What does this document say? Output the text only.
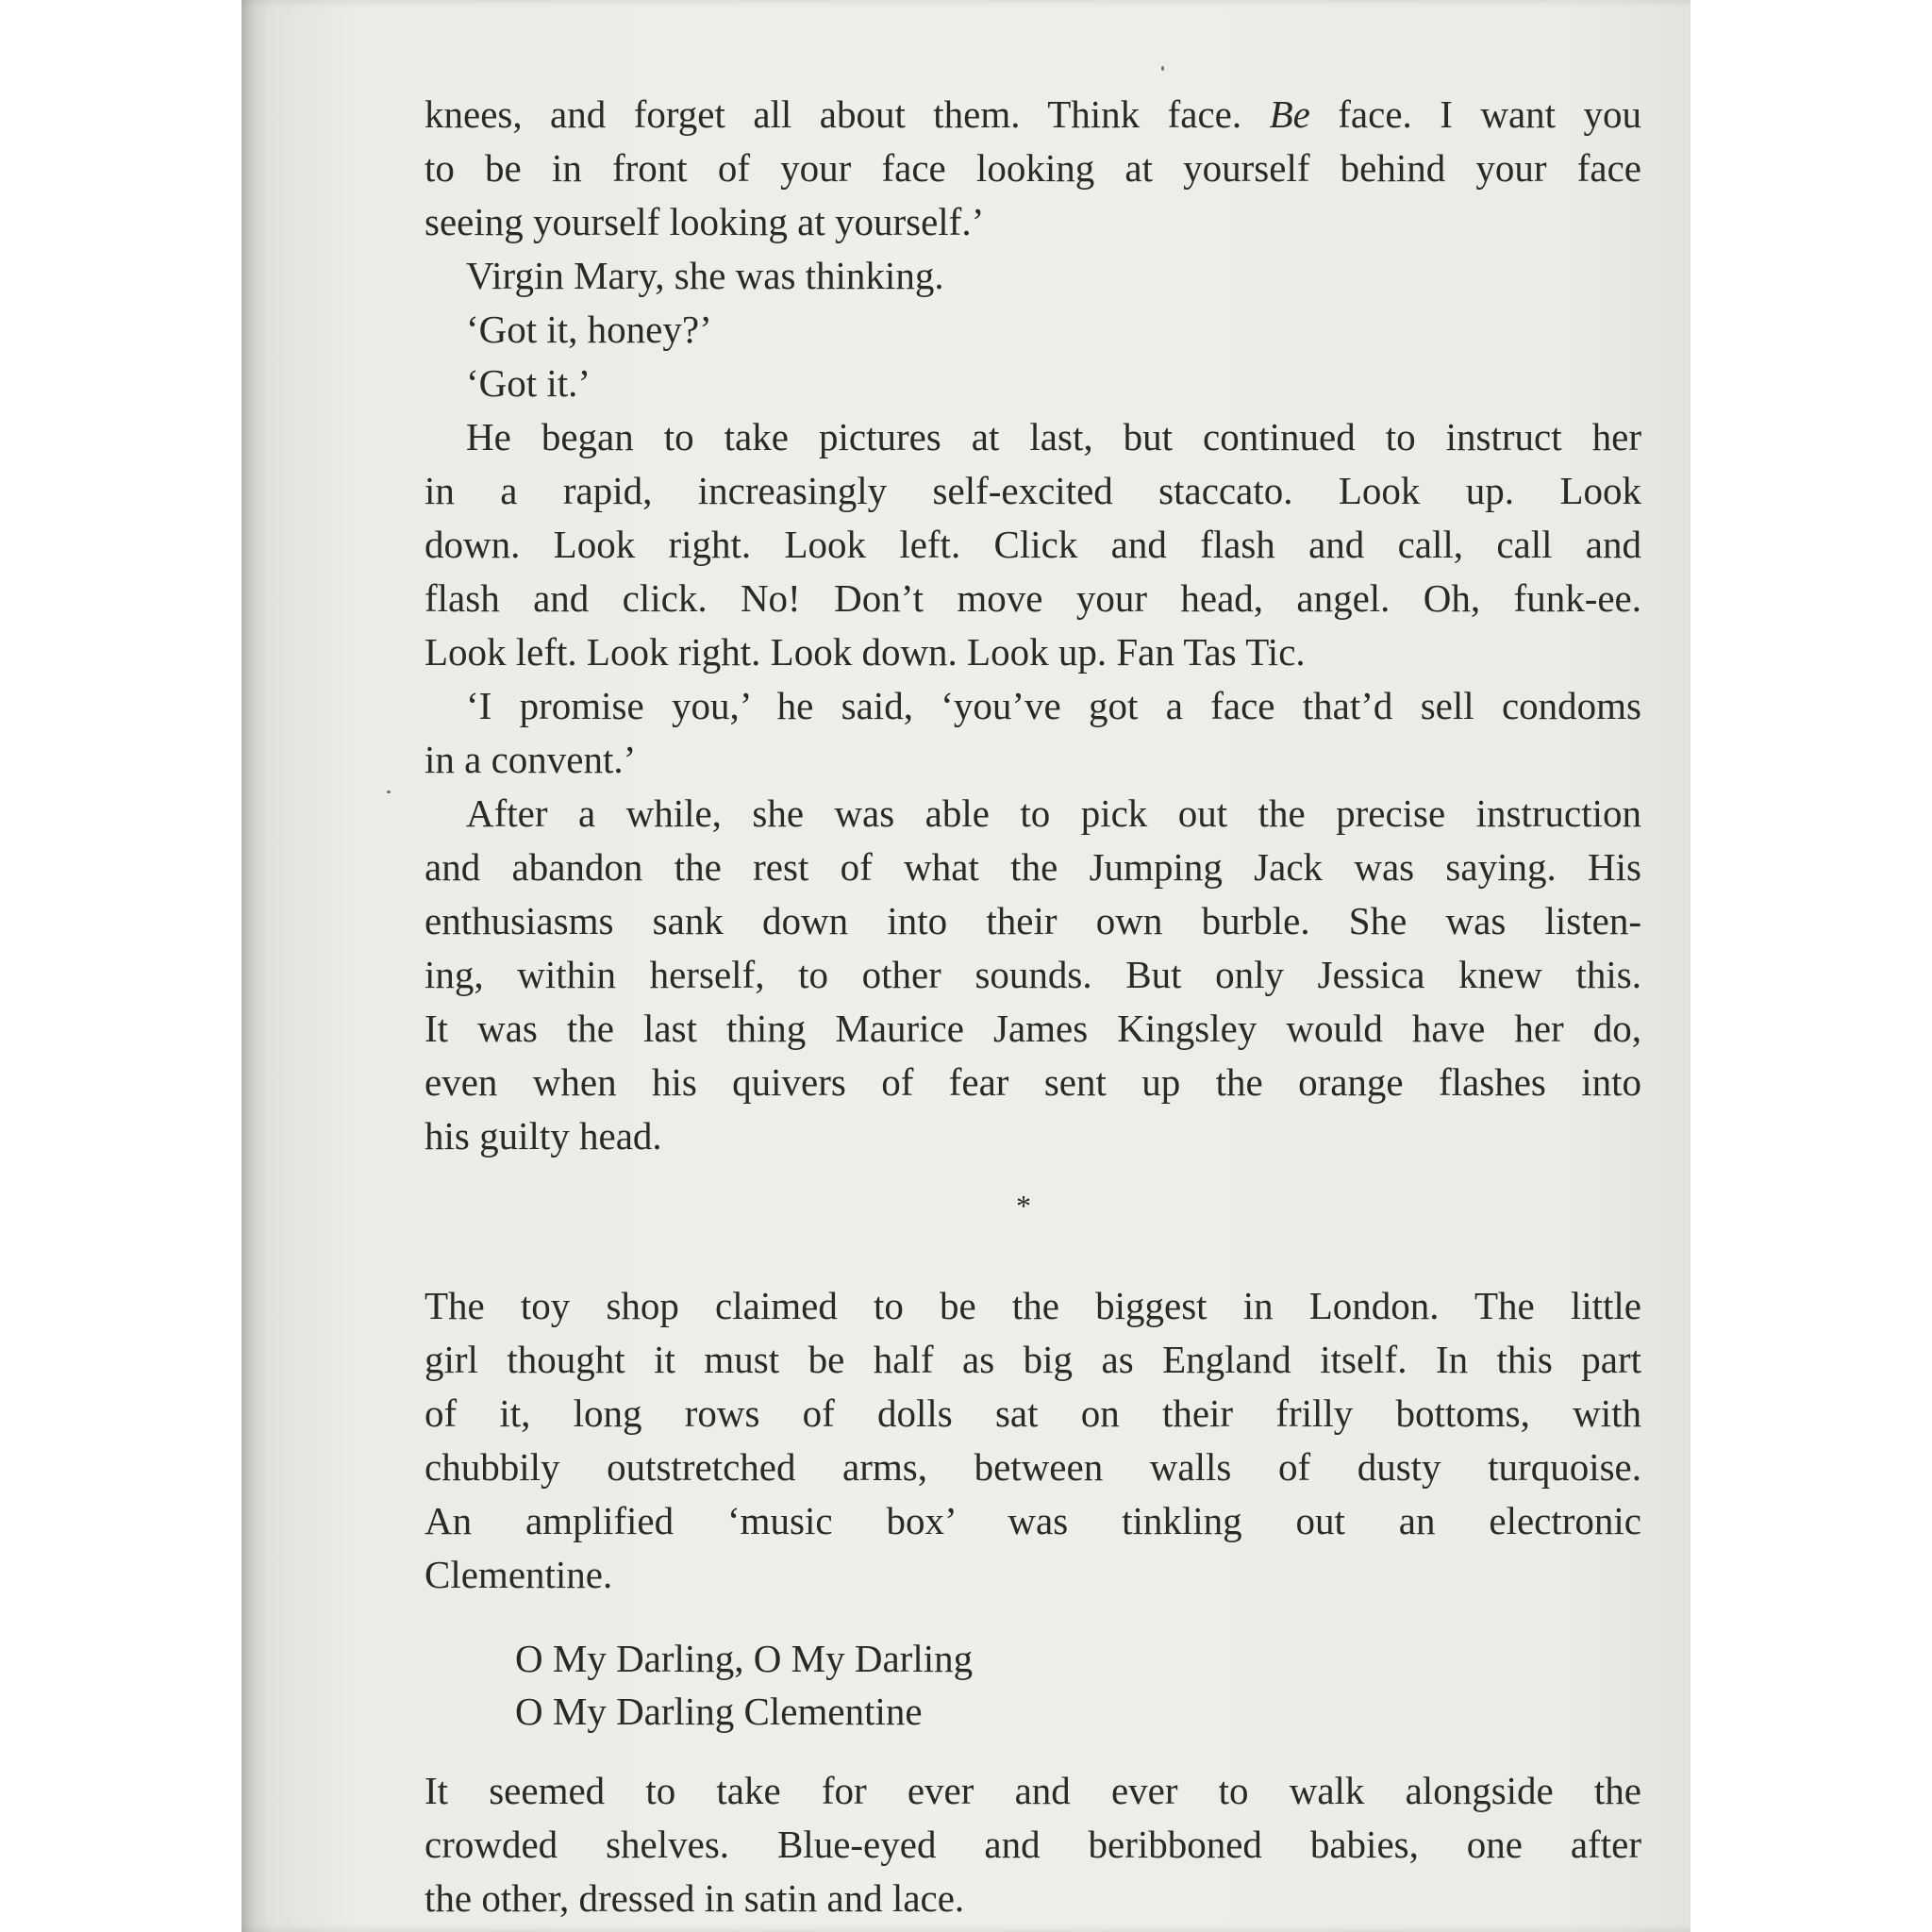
knees, and forget all about them. Think face. Be face. I want you
to be in front of your face looking at yourself behind your face
seeing yourself looking at yourself.’
Virgin Mary, she was thinking.
‘Got it, honey?’
‘Got it.’
He began to take pictures at last, but continued to instruct her
in a rapid, increasingly self-excited staccato. Look up. Look
down. Look right. Look left. Click and flash and call, call and
flash and click. No! Don’t move your head, angel. Oh, funk-ee.
Look left. Look right. Look down. Look up. Fan Tas Tic.
‘I promise you,’ he said, ‘you’ve got a face that’d sell condoms
in a convent.’
After a while, she was able to pick out the precise instruction
and abandon the rest of what the Jumping Jack was saying. His
enthusiasms sank down into their own burble. She was listen-
ing, within herself, to other sounds. But only Jessica knew this.
It was the last thing Maurice James Kingsley would have her do,
even when his quivers of fear sent up the orange flashes into
his guilty head.
The toy shop claimed to be the biggest in London. The little
girl thought it must be half as big as England itself. In this part
of it, long rows of dolls sat on their frilly bottoms, with
chubbily outstretched arms, between walls of dusty turquoise.
An amplified ‘music box’ was tinkling out an electronic
Clementine.
O My Darling, O My Darling
O My Darling Clementine
It seemed to take for ever and ever to walk alongside the
crowded shelves. Blue-eyed and beribboned babies, one after
the other, dressed in satin and lace.
*
